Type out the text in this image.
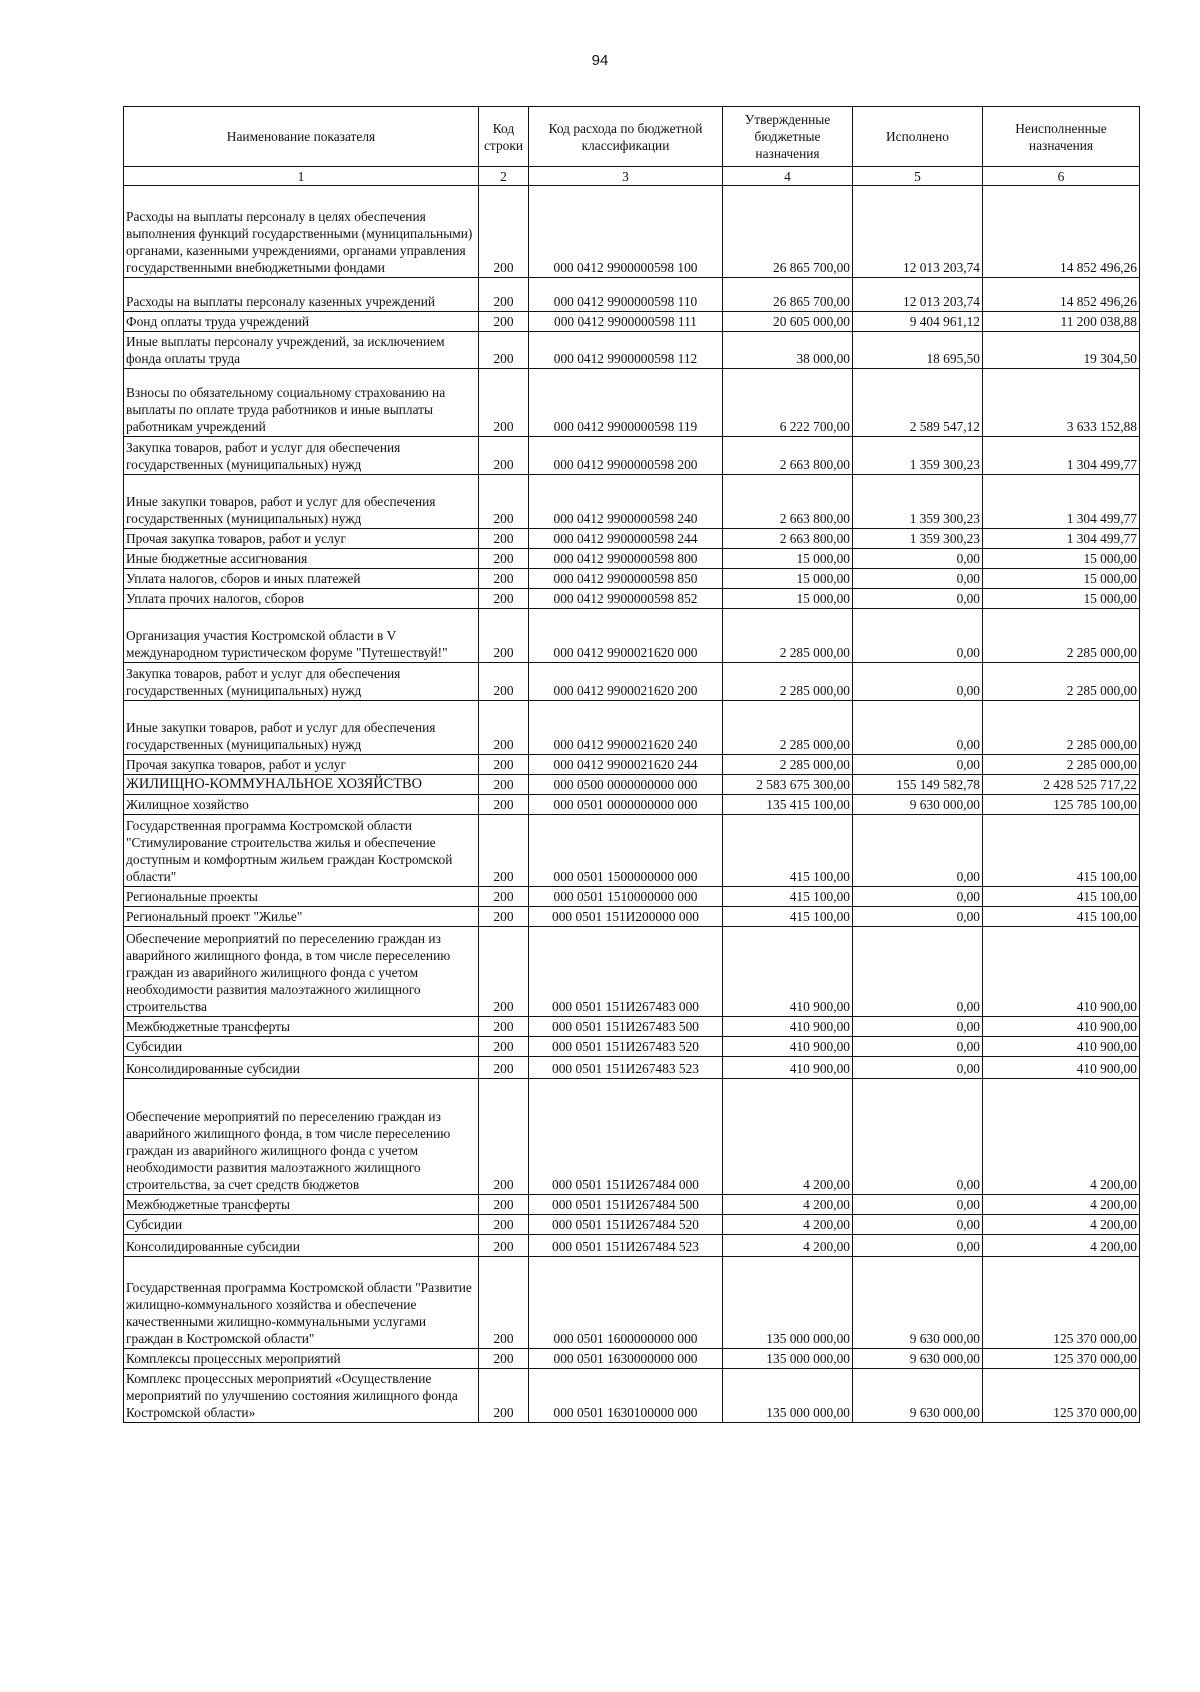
94
Наименование показателя	Код строки	Код расхода по бюджетной классификации	Утвержденные бюджетные назначения	Исполнено	Неисполненные назначения
1	2	3	4	5	6
Расходы на выплаты персоналу в целях обеспечения выполнения функций государственными (муниципальными) органами, казенными учреждениями, органами управления государственными внебюджетными фондами	200	000 0412 9900000598 100	26 865 700,00	12 013 203,74	14 852 496,26
Расходы на выплаты персоналу казенных учреждений	200	000 0412 9900000598 110	26 865 700,00	12 013 203,74	14 852 496,26
Фонд оплаты труда учреждений	200	000 0412 9900000598 111	20 605 000,00	9 404 961,12	11 200 038,88
Иные выплаты персоналу учреждений, за исключением фонда оплаты труда	200	000 0412 9900000598 112	38 000,00	18 695,50	19 304,50
Взносы по обязательному социальному страхованию на выплаты по оплате труда работников и иные выплаты работникам учреждений	200	000 0412 9900000598 119	6 222 700,00	2 589 547,12	3 633 152,88
Закупка товаров, работ и услуг для обеспечения государственных (муниципальных) нужд	200	000 0412 9900000598 200	2 663 800,00	1 359 300,23	1 304 499,77
Иные закупки товаров, работ и услуг для обеспечения государственных (муниципальных) нужд	200	000 0412 9900000598 240	2 663 800,00	1 359 300,23	1 304 499,77
Прочая закупка товаров, работ и услуг	200	000 0412 9900000598 244	2 663 800,00	1 359 300,23	1 304 499,77
Иные бюджетные ассигнования	200	000 0412 9900000598 800	15 000,00	0,00	15 000,00
Уплата налогов, сборов и иных платежей	200	000 0412 9900000598 850	15 000,00	0,00	15 000,00
Уплата прочих налогов, сборов	200	000 0412 9900000598 852	15 000,00	0,00	15 000,00
Организация участия Костромской области в V международном туристическом форуме "Путешествуй!"	200	000 0412 9900021620 000	2 285 000,00	0,00	2 285 000,00
Закупка товаров, работ и услуг для обеспечения государственных (муниципальных) нужд	200	000 0412 9900021620 200	2 285 000,00	0,00	2 285 000,00
Иные закупки товаров, работ и услуг для обеспечения государственных (муниципальных) нужд	200	000 0412 9900021620 240	2 285 000,00	0,00	2 285 000,00
Прочая закупка товаров, работ и услуг	200	000 0412 9900021620 244	2 285 000,00	0,00	2 285 000,00
ЖИЛИЩНО-КОММУНАЛЬНОЕ ХОЗЯЙСТВО	200	000 0500 0000000000 000	2 583 675 300,00	155 149 582,78	2 428 525 717,22
Жилищное хозяйство	200	000 0501 0000000000 000	135 415 100,00	9 630 000,00	125 785 100,00
Государственная программа Костромской области "Стимулирование строительства жилья и обеспечение доступным и комфортным жильем граждан Костромской области"	200	000 0501 1500000000 000	415 100,00	0,00	415 100,00
Региональные проекты	200	000 0501 1510000000 000	415 100,00	0,00	415 100,00
Региональный проект "Жилье"	200	000 0501 151И200000 000	415 100,00	0,00	415 100,00
Обеспечение мероприятий по переселению граждан из аварийного жилищного фонда, в том числе переселению граждан из аварийного жилищного фонда с учетом необходимости развития малоэтажного жилищного строительства	200	000 0501 151И267483 000	410 900,00	0,00	410 900,00
Межбюджетные трансферты	200	000 0501 151И267483 500	410 900,00	0,00	410 900,00
Субсидии	200	000 0501 151И267483 520	410 900,00	0,00	410 900,00
Консолидированные субсидии	200	000 0501 151И267483 523	410 900,00	0,00	410 900,00
Обеспечение мероприятий по переселению граждан из аварийного жилищного фонда, в том числе переселению граждан из аварийного жилищного фонда с учетом необходимости развития малоэтажного жилищного строительства, за счет средств бюджетов	200	000 0501 151И267484 000	4 200,00	0,00	4 200,00
Межбюджетные трансферты	200	000 0501 151И267484 500	4 200,00	0,00	4 200,00
Субсидии	200	000 0501 151И267484 520	4 200,00	0,00	4 200,00
Консолидированные субсидии	200	000 0501 151И267484 523	4 200,00	0,00	4 200,00
Государственная программа Костромской области "Развитие жилищно-коммунального хозяйства и обеспечение качественными жилищно-коммунальными услугами граждан в Костромской области"	200	000 0501 1600000000 000	135 000 000,00	9 630 000,00	125 370 000,00
Комплексы процессных мероприятий	200	000 0501 1630000000 000	135 000 000,00	9 630 000,00	125 370 000,00
Комплекс процессных мероприятий «Осуществление мероприятий по улучшению состояния жилищного фонда Костромской области»	200	000 0501 1630100000 000	135 000 000,00	9 630 000,00	125 370 000,00
